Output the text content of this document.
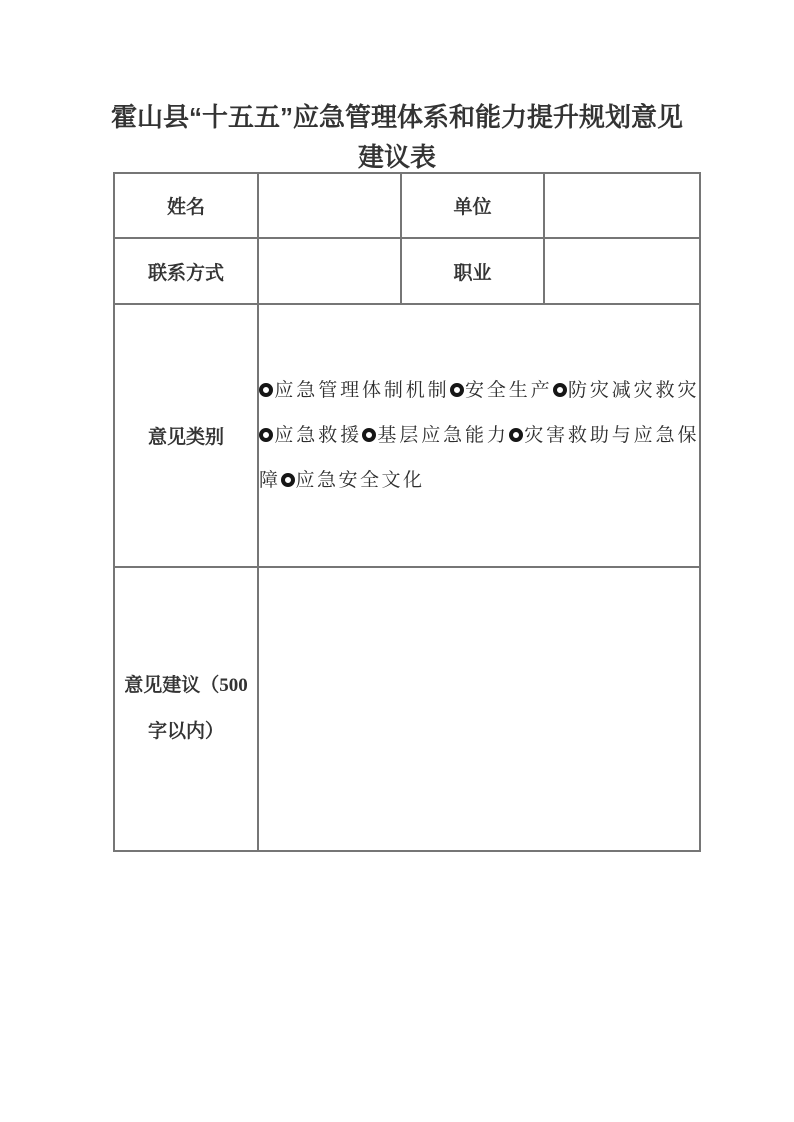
霍山县“十五五”应急管理体系和能力提升规划意见
建议表
姓名		单位	
联系方式		职业	
意见类别	应急管理体制机制 安全生产 防灾减灾救灾应急救援 基层应急能力 灾害救助与应急保障 应急安全文化		

意见建议（500
字以内）			
